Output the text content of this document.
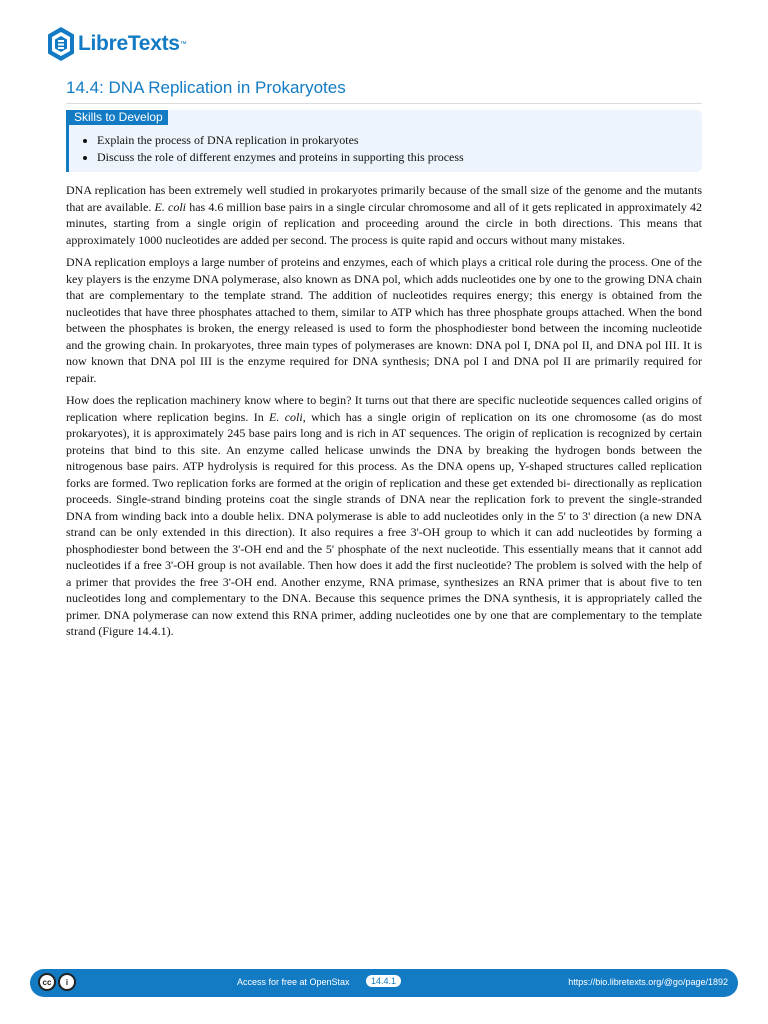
LibreTexts ™
14.4: DNA Replication in Prokaryotes
Skills to Develop
• Explain the process of DNA replication in prokaryotes
• Discuss the role of different enzymes and proteins in supporting this process

DNA replication has been extremely well studied in prokaryotes primarily because of the small size of the genome and the mutants that are available. E. coli has 4.6 million base pairs in a single circular chromosome and all of it gets replicated in approximately 42 minutes, starting from a single origin of replication and proceeding around the circle in both directions. This means that approximately 1000 nucleotides are added per second. The process is quite rapid and occurs without many mistakes.

DNA replication employs a large number of proteins and enzymes, each of which plays a critical role during the process. One of the key players is the enzyme DNA polymerase, also known as DNA pol, which adds nucleotides one by one to the growing DNA chain that are complementary to the template strand. The addition of nucleotides requires energy; this energy is obtained from the nucleotides that have three phosphates attached to them, similar to ATP which has three phosphate groups attached. When the bond between the phosphates is broken, the energy released is used to form the phosphodiester bond between the incoming nucleotide and the growing chain. In prokaryotes, three main types of polymerases are known: DNA pol I, DNA pol II, and DNA pol III. It is now known that DNA pol III is the enzyme required for DNA synthesis; DNA pol I and DNA pol II are primarily required for repair.

How does the replication machinery know where to begin? It turns out that there are specific nucleotide sequences called origins of replication where replication begins. In E. coli, which has a single origin of replication on its one chromosome (as do most prokaryotes), it is approximately 245 base pairs long and is rich in AT sequences. The origin of replication is recognized by certain proteins that bind to this site. An enzyme called helicase unwinds the DNA by breaking the hydrogen bonds between the nitrogenous base pairs. ATP hydrolysis is required for this process. As the DNA opens up, Y-shaped structures called replication forks are formed. Two replication forks are formed at the origin of replication and these get extended bi- directionally as replication proceeds. Single-strand binding proteins coat the single strands of DNA near the replication fork to prevent the single-stranded DNA from winding back into a double helix. DNA polymerase is able to add nucleotides only in the 5' to 3' direction (a new DNA strand can be only extended in this direction). It also requires a free 3'-OH group to which it can add nucleotides by forming a phosphodiester bond between the 3'-OH end and the 5' phosphate of the next nucleotide. This essentially means that it cannot add nucleotides if a free 3'-OH group is not available. Then how does it add the first nucleotide? The problem is solved with the help of a primer that provides the free 3'-OH end. Another enzyme, RNA primase, synthesizes an RNA primer that is about five to ten nucleotides long and complementary to the DNA. Because this sequence primes the DNA synthesis, it is appropriately called the primer. DNA polymerase can now extend this RNA primer, adding nucleotides one by one that are complementary to the template strand (Figure 14.4.1).

cc	i	Access for free at OpenStax	14.4.1	https://bio.libretexts.org/@go/page/1892
